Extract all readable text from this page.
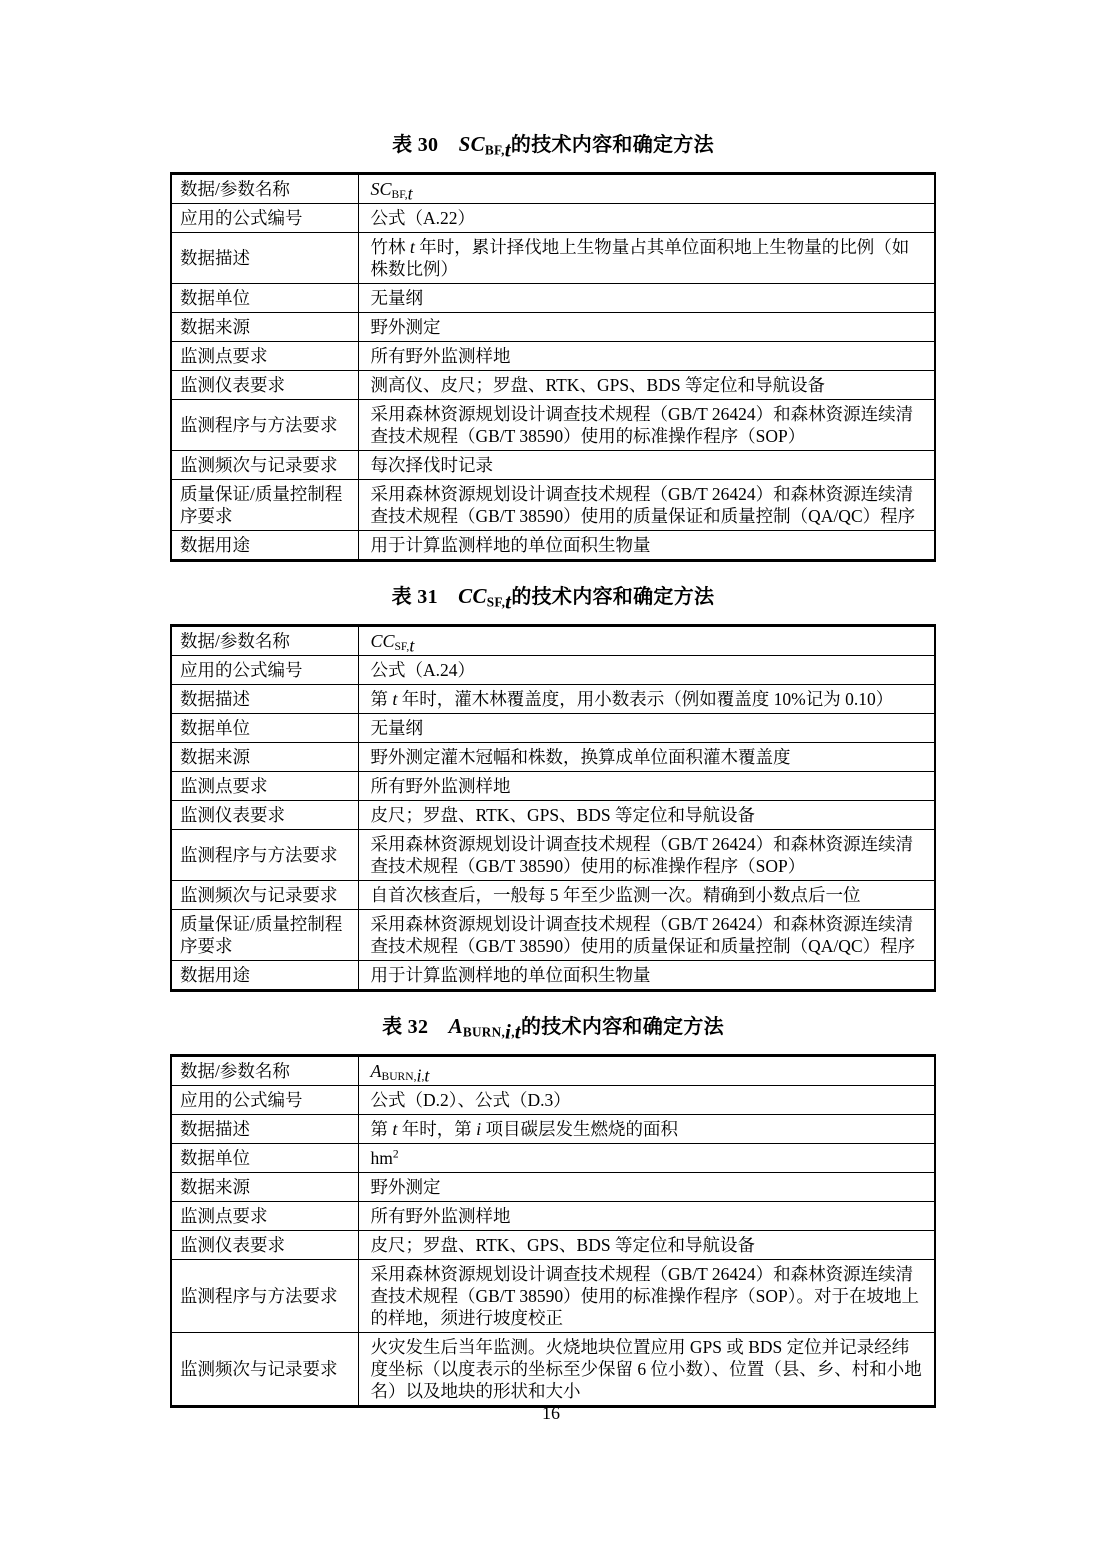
表 30　$SC_{BF,t}$的技术内容和确定方法
数据/参数名称	$SC_{BF,t}$
应用的公式编号	公式（A.22）
数据描述	竹林 t 年时，累计择伐地上生物量占其单位面积地上生物量的比例（如株数比例）
数据单位	无量纲
数据来源	野外测定
监测点要求	所有野外监测样地
监测仪表要求	测高仪、皮尺；罗盘、RTK、GPS、BDS 等定位和导航设备
监测程序与方法要求	采用森林资源规划设计调查技术规程（GB/T 26424）和森林资源连续清查技术规程（GB/T 38590）使用的标准操作程序（SOP）
监测频次与记录要求	每次择伐时记录
质量保证/质量控制程序要求	采用森林资源规划设计调查技术规程（GB/T 26424）和森林资源连续清查技术规程（GB/T 38590）使用的质量保证和质量控制（QA/QC）程序
数据用途	用于计算监测样地的单位面积生物量
表 31　$CC_{SF,t}$的技术内容和确定方法
数据/参数名称	$CC_{SF,t}$
应用的公式编号	公式（A.24）
数据描述	第 t 年时，灌木林覆盖度，用小数表示（例如覆盖度 10%记为 0.10）
数据单位	无量纲
数据来源	野外测定灌木冠幅和株数，换算成单位面积灌木覆盖度
监测点要求	所有野外监测样地
监测仪表要求	皮尺；罗盘、RTK、GPS、BDS 等定位和导航设备
监测程序与方法要求	采用森林资源规划设计调查技术规程（GB/T 26424）和森林资源连续清查技术规程（GB/T 38590）使用的标准操作程序（SOP）
监测频次与记录要求	自首次核查后，一般每 5 年至少监测一次。精确到小数点后一位
质量保证/质量控制程序要求	采用森林资源规划设计调查技术规程（GB/T 26424）和森林资源连续清查技术规程（GB/T 38590）使用的质量保证和质量控制（QA/QC）程序
数据用途	用于计算监测样地的单位面积生物量
表 32　$A_{BURN,i,t}$的技术内容和确定方法
数据/参数名称	$A_{BURN,i,t}$
应用的公式编号	公式（D.2）、公式（D.3）
数据描述	第 t 年时，第 i 项目碳层发生燃烧的面积
数据单位	$hm^2$
数据来源	野外测定
监测点要求	所有野外监测样地
监测仪表要求	皮尺；罗盘、RTK、GPS、BDS 等定位和导航设备
监测程序与方法要求	采用森林资源规划设计调查技术规程（GB/T 26424）和森林资源连续清查技术规程（GB/T 38590）使用的标准操作程序（SOP）。对于在坡地上的样地，须进行坡度校正
监测频次与记录要求	火灾发生后当年监测。火烧地块位置应用 GPS 或 BDS 定位并记录经纬度坐标（以度表示的坐标至少保留 6 位小数）、位置（县、乡、村和小地名）以及地块的形状和大小
16
